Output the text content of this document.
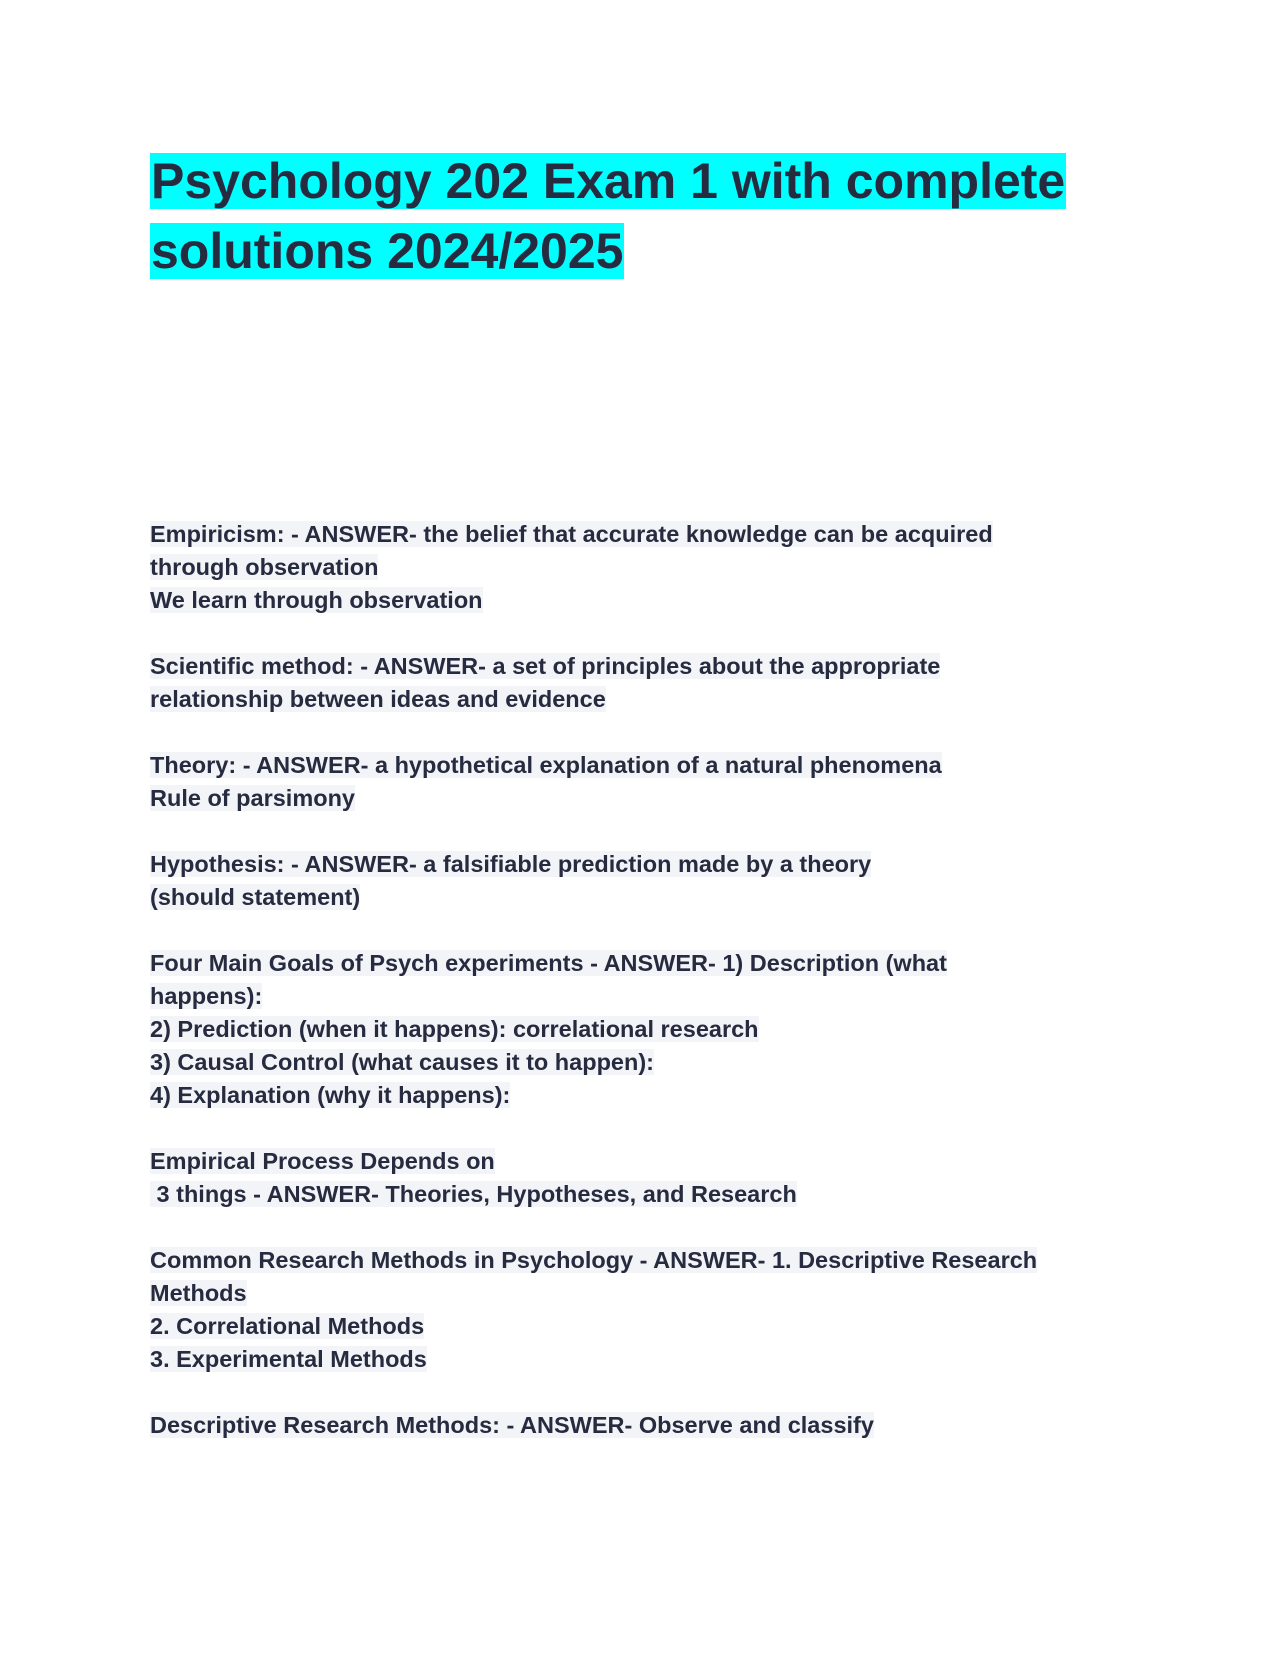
Psychology 202 Exam 1 with complete
solutions 2024/2025
Empiricism: - ANSWER- the belief that accurate knowledge can be acquired
through observation
We learn through observation
Scientific method: - ANSWER- a set of principles about the appropriate
relationship between ideas and evidence
Theory: - ANSWER- a hypothetical explanation of a natural phenomena
Rule of parsimony
Hypothesis: - ANSWER- a falsifiable prediction made by a theory
(should statement)
Four Main Goals of Psych experiments - ANSWER- 1) Description (what
happens):
2) Prediction (when it happens): correlational research
3) Causal Control (what causes it to happen):
4) Explanation (why it happens):
Empirical Process Depends on
3 things - ANSWER- Theories, Hypotheses, and Research
Common Research Methods in Psychology - ANSWER- 1. Descriptive Research
Methods
2. Correlational Methods
3. Experimental Methods
Descriptive Research Methods: - ANSWER- Observe and classify
